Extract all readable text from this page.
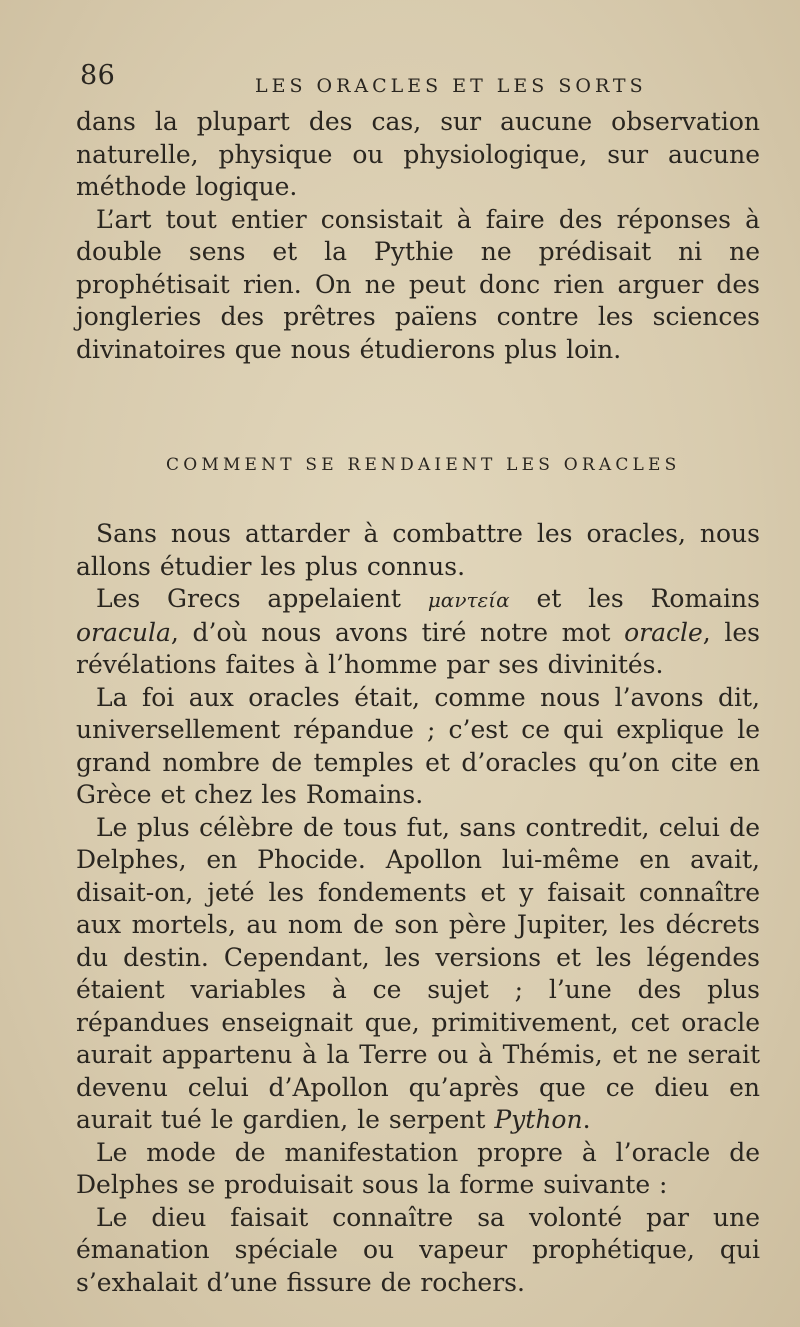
86	LES ORACLES ET LES SORTS

dans la plupart des cas, sur aucune observation naturelle, physique ou physiologique, sur aucune méthode logique.

L’art tout entier consistait à faire des réponses à double sens et la Pythie ne prédisait ni ne prophétisait rien. On ne peut donc rien arguer des jongleries des prêtres païens contre les sciences divinatoires que nous étudierons plus loin.

COMMENT SE RENDAIENT LES ORACLES

Sans nous attarder à combattre les oracles, nous allons étudier les plus connus.

Les Grecs appelaient μαντεία et les Romains oracula, d’où nous avons tiré notre mot oracle, les révélations faites à l’homme par ses divinités.

La foi aux oracles était, comme nous l’avons dit, universellement répandue ; c’est ce qui explique le grand nombre de temples et d’oracles qu’on cite en Grèce et chez les Romains.

Le plus célèbre de tous fut, sans contredit, celui de Delphes, en Phocide. Apollon lui-même en avait, disait-on, jeté les fondements et y faisait connaître aux mortels, au nom de son père Jupiter, les décrets du destin. Cependant, les versions et les légendes étaient variables à ce sujet ; l’une des plus répandues enseignait que, primitivement, cet oracle aurait appartenu à la Terre ou à Thémis, et ne serait devenu celui d’Apollon qu’après que ce dieu en aurait tué le gardien, le serpent Python.

Le mode de manifestation propre à l’oracle de Delphes se produisait sous la forme suivante :

Le dieu faisait connaître sa volonté par une émanation spéciale ou vapeur prophétique, qui s’exhalait d’une fissure de rochers.
